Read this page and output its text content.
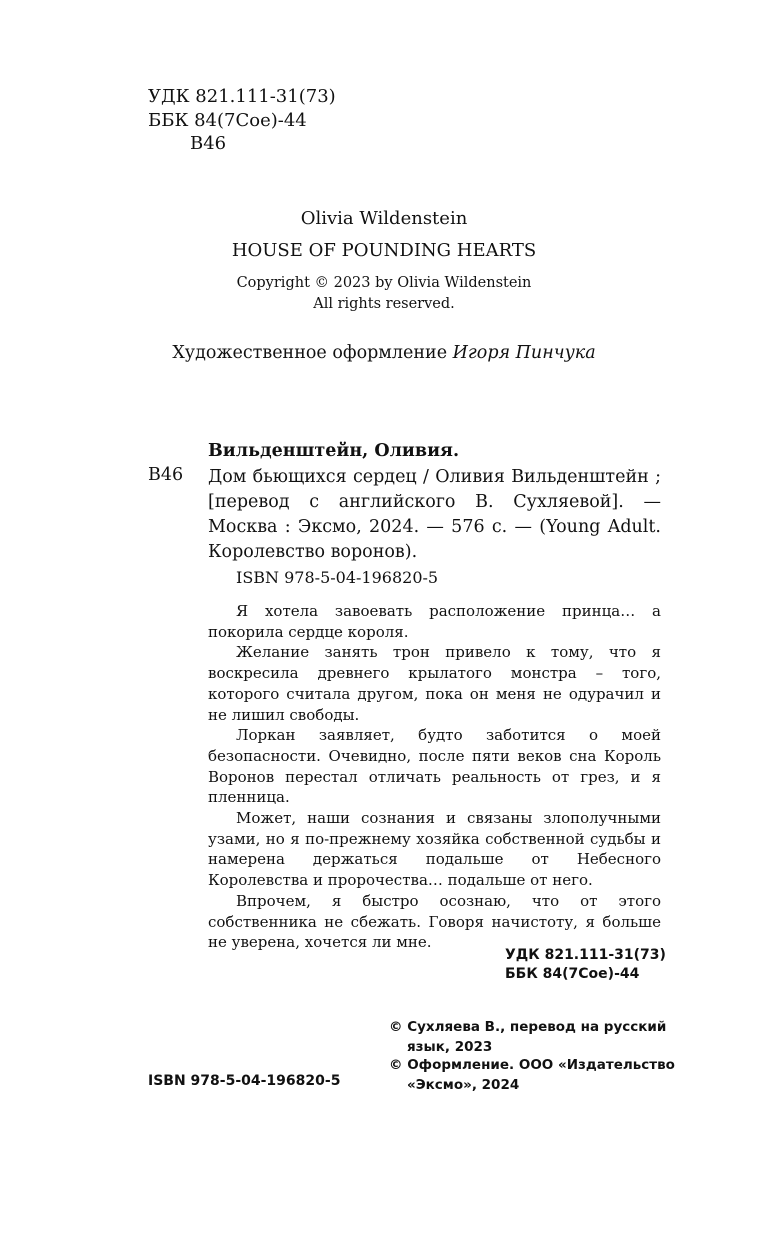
УДК 821.111-31(73)
ББК 84(7Сое)-44
В46
Olivia Wildenstein
HOUSE OF POUNDING HEARTS
Copyright © 2023 by Olivia Wildenstein
All rights reserved.
Художественное оформление Игоря Пинчука
Вильденштейн, Оливия.
В46 Дом бьющихся сердец / Оливия Вильденштейн ; [перевод с английского В. Сухляевой]. — Москва : Эксмо, 2024. — 576 с. — (Young Adult. Королевство воронов).
ISBN 978-5-04-196820-5

Я хотела завоевать расположение принца… а покорила сердце короля.

Желание занять трон привело к тому, что я воскресила древнего крылатого монстра – того, которого считала другом, пока он меня не одурачил и не лишил свободы.

Лоркан заявляет, будто заботится о моей безопасности. Очевидно, после пяти веков сна Король Воронов перестал отличать реальность от грез, и я пленница.

Может, наши сознания и связаны злополучными узами, но я по-прежнему хозяйка собственной судьбы и намерена держаться подальше от Небесного Королевства и пророчества… подальше от него.

Впрочем, я быстро осознаю, что от этого собственника не сбежать. Говоря начистоту, я больше не уверена, хочется ли мне.

УДК 821.111-31(73)
ББК 84(7Сое)-44
© Сухляева В., перевод на русский язык, 2023
© Оформление. ООО «Издательство «Эксмо», 2024
ISBN 978-5-04-196820-5
